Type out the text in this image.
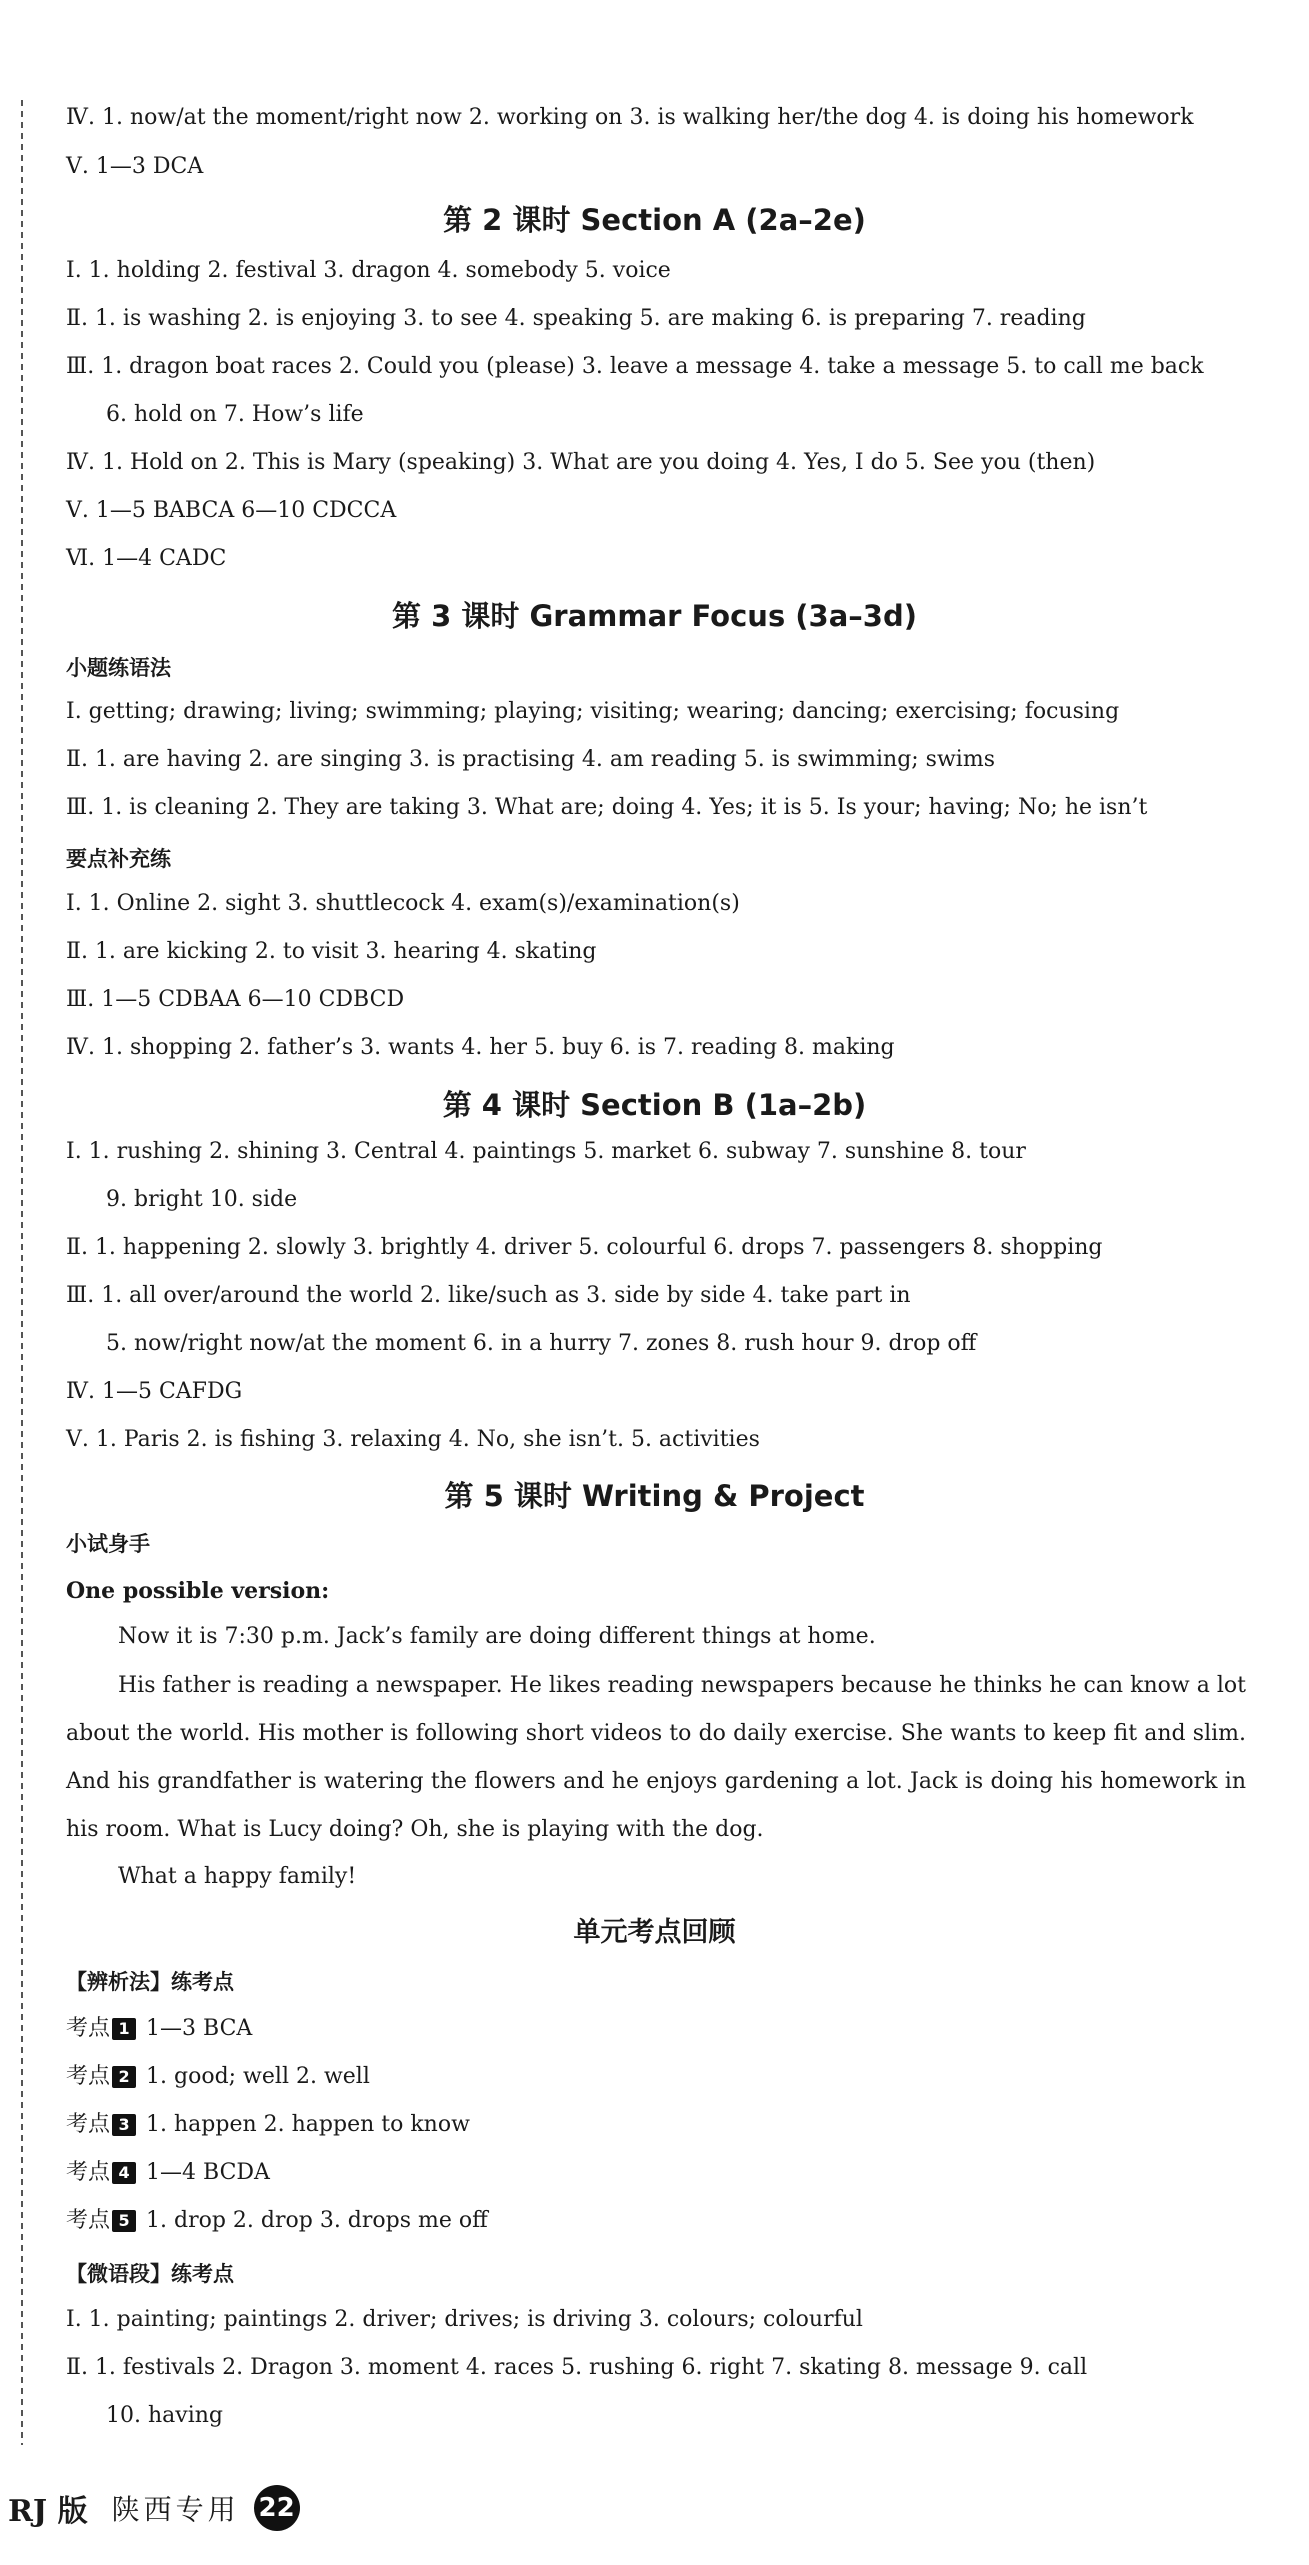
Ⅳ. 1. now/at the moment/right now 2. working on 3. is walking her/the dog 4. is doing his homework
Ⅴ. 1—3 DCA
第 2 课时 Section A (2a–2e)
Ⅰ. 1. holding 2. festival 3. dragon 4. somebody 5. voice
Ⅱ. 1. is washing 2. is enjoying 3. to see 4. speaking 5. are making 6. is preparing 7. reading
Ⅲ. 1. dragon boat races 2. Could you (please) 3. leave a message 4. take a message 5. to call me back
6. hold on 7. How’s life
Ⅳ. 1. Hold on 2. This is Mary (speaking) 3. What are you doing 4. Yes, I do 5. See you (then)
Ⅴ. 1—5 BABCA 6—10 CDCCA
Ⅵ. 1—4 CADC
第 3 课时 Grammar Focus (3a–3d)
小题练语法
Ⅰ. getting; drawing; living; swimming; playing; visiting; wearing; dancing; exercising; focusing
Ⅱ. 1. are having 2. are singing 3. is practising 4. am reading 5. is swimming; swims
Ⅲ. 1. is cleaning 2. They are taking 3. What are; doing 4. Yes; it is 5. Is your; having; No; he isn’t
要点补充练
Ⅰ. 1. Online 2. sight 3. shuttlecock 4. exam(s)/examination(s)
Ⅱ. 1. are kicking 2. to visit 3. hearing 4. skating
Ⅲ. 1—5 CDBAA 6—10 CDBCD
Ⅳ. 1. shopping 2. father’s 3. wants 4. her 5. buy 6. is 7. reading 8. making
第 4 课时 Section B (1a–2b)
Ⅰ. 1. rushing 2. shining 3. Central 4. paintings 5. market 6. subway 7. sunshine 8. tour
9. bright 10. side
Ⅱ. 1. happening 2. slowly 3. brightly 4. driver 5. colourful 6. drops 7. passengers 8. shopping
Ⅲ. 1. all over/around the world 2. like/such as 3. side by side 4. take part in
5. now/right now/at the moment 6. in a hurry 7. zones 8. rush hour 9. drop off
Ⅳ. 1—5 CAFDG
Ⅴ. 1. Paris 2. is fishing 3. relaxing 4. No, she isn’t. 5. activities
第 5 课时 Writing & Project
小试身手
One possible version:
Now it is 7:30 p.m. Jack’s family are doing different things at home.
His father is reading a newspaper. He likes reading newspapers because he thinks he can know a lot about the world. His mother is following short videos to do daily exercise. She wants to keep fit and slim. And his grandfather is watering the flowers and he enjoys gardening a lot. Jack is doing his homework in his room. What is Lucy doing? Oh, she is playing with the dog.
What a happy family!
单元考点回顾
【辨析法】练考点
考点 1 1—3 BCA
考点 2 1. good; well 2. well
考点 3 1. happen 2. happen to know
考点 4 1—4 BCDA
考点 5 1. drop 2. drop 3. drops me off
【微语段】练考点
Ⅰ. 1. painting; paintings 2. driver; drives; is driving 3. colours; colourful
Ⅱ. 1. festivals 2. Dragon 3. moment 4. races 5. rushing 6. right 7. skating 8. message 9. call
10. having
RJ 版 陕西专用 22
